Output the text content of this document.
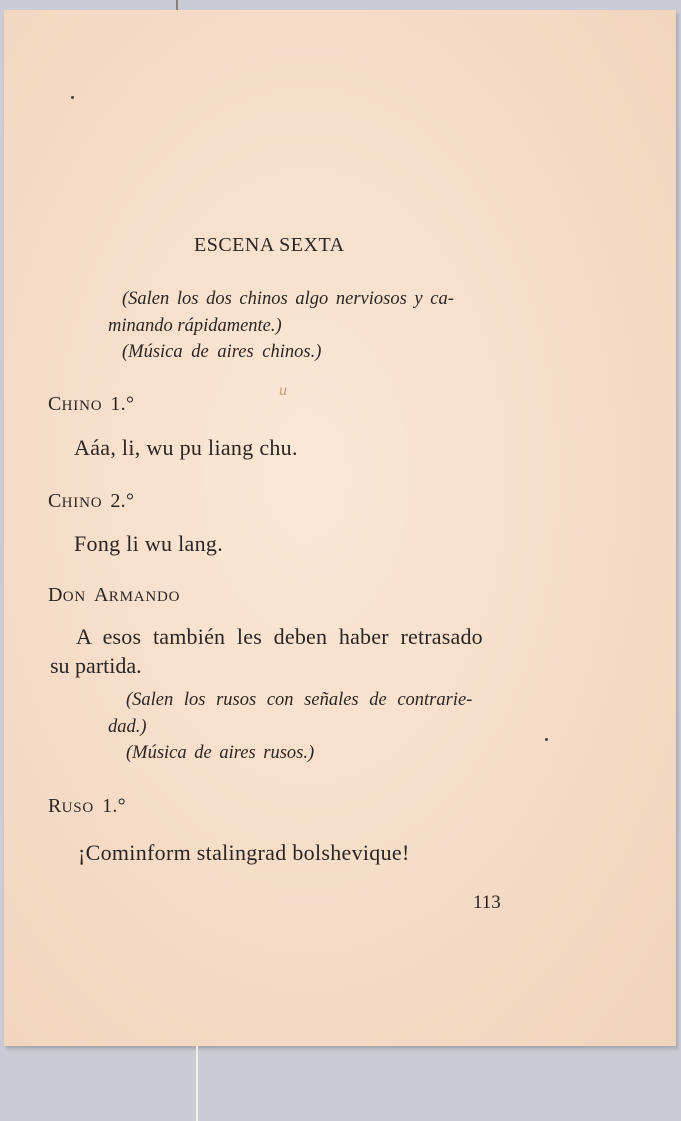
u
ESCENA SEXTA
(Salen los dos chinos algo nerviosos y ca-
minando rápidamente.)
(Música de aires chinos.)
CHINO 1.°
Aáa, li, wu pu liang chu.
CHINO 2.°
Fong li wu lang.
DON ARMANDO
A esos también les deben haber retrasado
su partida.
(Salen los rusos con señales de contrarie-
dad.)
(Música de aires rusos.)
RUSO 1.°
¡Cominform stalingrad bolshevique!
113
